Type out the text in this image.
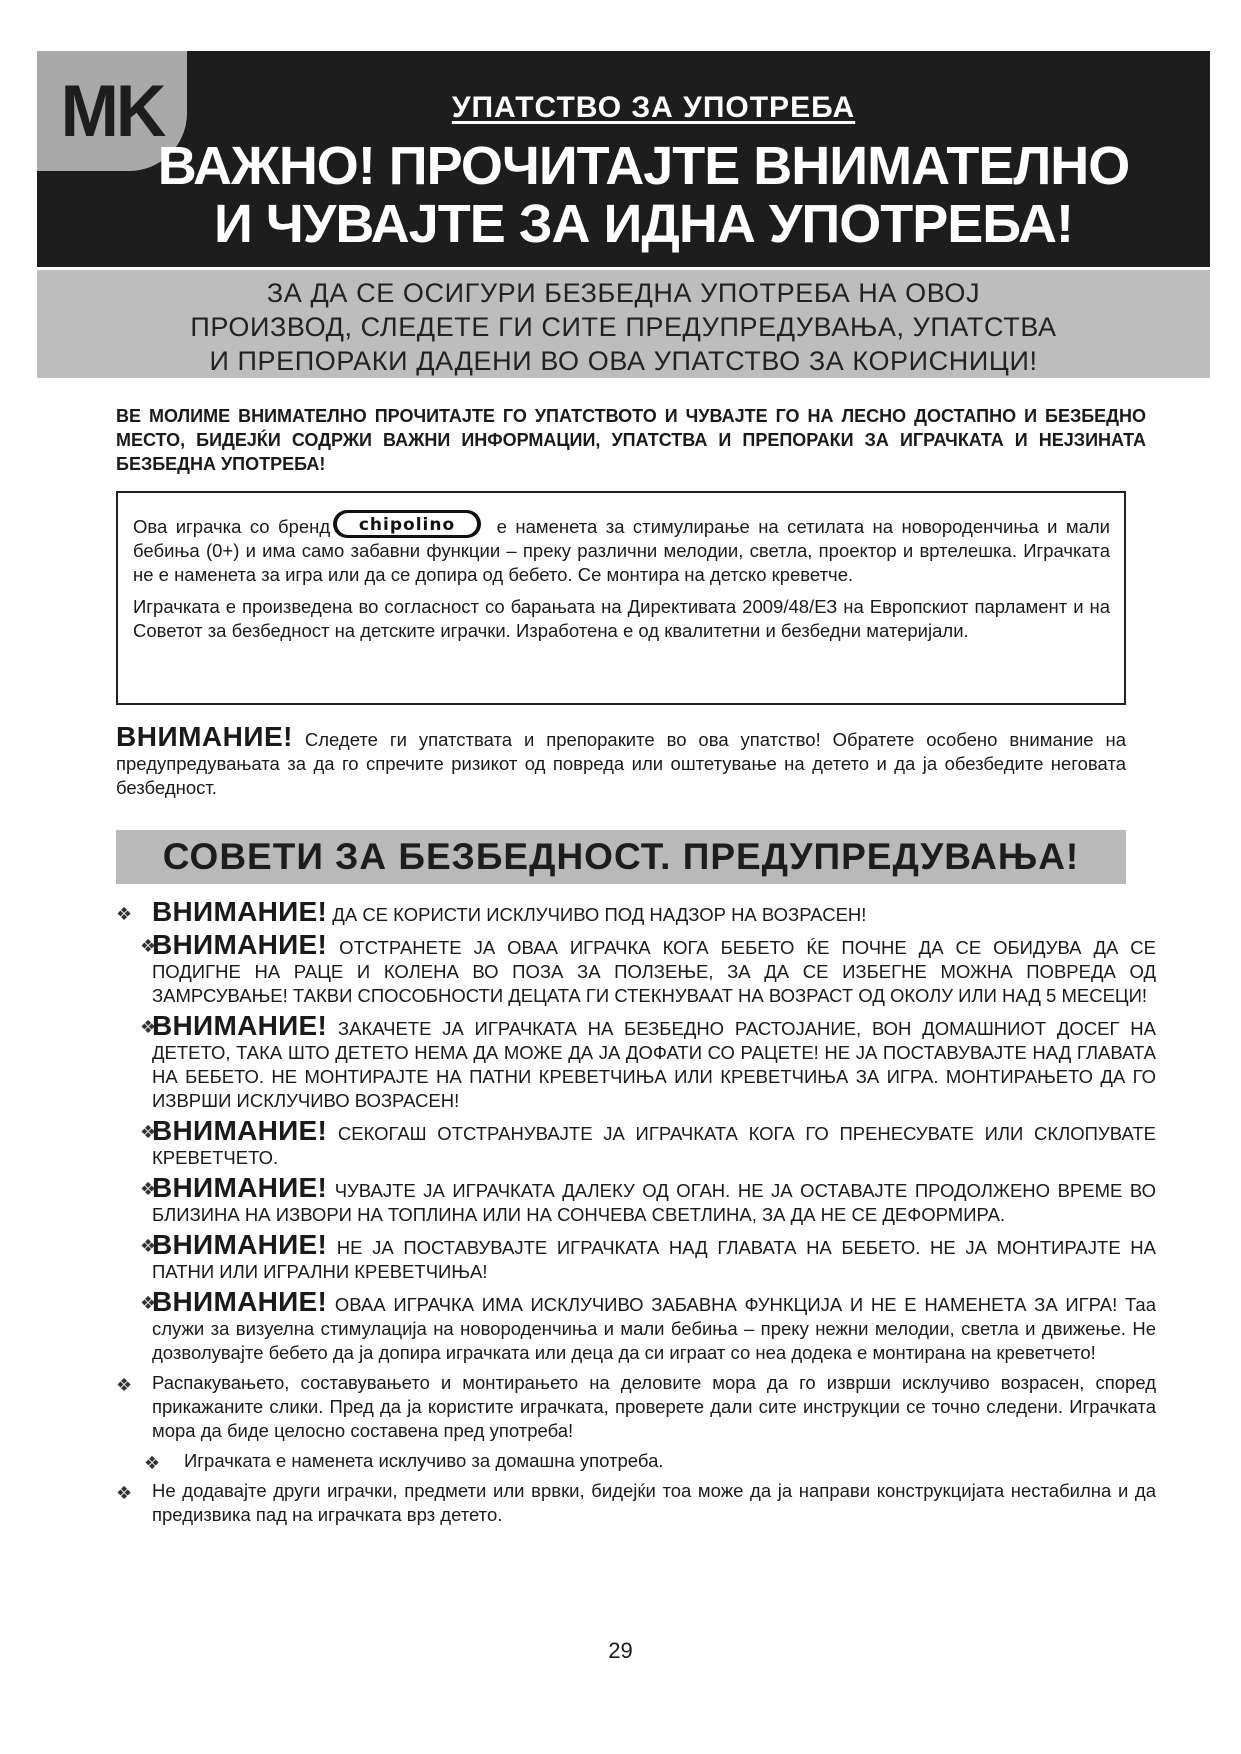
MK	УПАТСТВО ЗА УПОТРЕБА
ВАЖНО! ПРОЧИТАЈТЕ ВНИМАТЕЛНО
И ЧУВАЈТЕ ЗА ИДНА УПОТРЕБА!
ЗА ДА СЕ ОСИГУРИ БЕЗБЕДНА УПОТРЕБА НА ОВОЈ
ПРОИЗВОД, СЛЕДЕТЕ ГИ СИТЕ ПРЕДУПРЕДУВАЊА, УПАТСТВА
И ПРЕПОРАКИ ДАДЕНИ ВО ОВА УПАТСТВО ЗА КОРИСНИЦИ!
ВЕ МОЛИМЕ ВНИМАТЕЛНО ПРОЧИТАЈТЕ ГО УПАТСТВОТО И ЧУВАЈТЕ ГО НА ЛЕСНО ДОСТАПНО И БЕЗБЕДНО МЕСТО, БИДЕЈЌИ СОДРЖИ ВАЖНИ ИНФОРМАЦИИ, УПАТСТВА И ПРЕПОРАКИ ЗА ИГРАЧКАТА И НЕЈЗИНАТА БЕЗБЕДНА УПОТРЕБА!

Ова играчка со бренд chipolino е наменета за стимулирање на сетилата на новороденчиња и мали бебиња (0+) и има само забавни функции – преку различни мелодии, светла, проектор и вртелешка. Играчката не е наменета за игра или да се допира од бебето. Се монтира на детско креветче.

Играчката е произведена во согласност со барањата на Директивата 2009/48/ЕЗ на Европскиот парламент и на Советот за безбедност на детските играчки. Изработена е од квалитетни и безбедни материјали.

ВНИМАНИЕ! Следете ги упатствата и препораките во ова упатство! Обратете особено внимание на предупредувањата за да го спречите ризикот од повреда или оштетување на детето и да ја обезбедите неговата безбедност.
СОВЕТИ ЗА БЕЗБЕДНОСТ. ПРЕДУПРЕДУВАЊА!
❖ ВНИМАНИЕ! ДА СЕ КОРИСТИ ИСКЛУЧИВО ПОД НАДЗОР НА ВОЗРАСЕН!
❖
ВНИМАНИЕ! ОТСТРАНЕТЕ ЈА ОВАА ИГРАЧКА КОГА БЕБЕТО ЌЕ ПОЧНЕ ДА СЕ ОБИДУВА ДА СЕ ПОДИГНЕ НА РАЦЕ И КОЛЕНА ВО ПОЗА ЗА ПОЛЗЕЊЕ, ЗА ДА СЕ ИЗБЕГНЕ МОЖНА ПОВРЕДА ОД ЗАМРСУВАЊЕ! ТАКВИ СПОСОБНОСТИ ДЕЦАТА ГИ СТЕКНУВААТ НА ВОЗРАСТ ОД ОКОЛУ ИЛИ НАД 5 МЕСЕЦИ!
❖
ВНИМАНИЕ! ЗАКАЧЕТЕ ЈА ИГРАЧКАТА НА БЕЗБЕДНО РАСТОЈАНИЕ, ВОН ДОМАШНИОТ ДОСЕГ НА ДЕТЕТО, ТАКА ШТО ДЕТЕТО НЕМА ДА МОЖЕ ДА ЈА ДОФАТИ СО РАЦЕТЕ! НЕ ЈА ПОСТАВУВАЈТЕ НАД ГЛАВАТА НА БЕБЕТО. НЕ МОНТИРАЈТЕ НА ПАТНИ КРЕВЕТЧИЊА ИЛИ КРЕВЕТЧИЊА ЗА ИГРА. МОНТИРАЊЕТО ДА ГО ИЗВРШИ ИСКЛУЧИВО ВОЗРАСЕН!
❖
ВНИМАНИЕ! СЕКОГАШ ОТСТРАНУВАЈТЕ ЈА ИГРАЧКАТА КОГА ГО ПРЕНЕСУВАТЕ ИЛИ СКЛОПУВАТЕ КРЕВЕТЧЕТО.
❖
ВНИМАНИЕ! ЧУВАЈТЕ ЈА ИГРАЧКАТА ДАЛЕКУ ОД ОГАН. НЕ ЈА ОСТАВАЈТЕ ПРОДОЛЖЕНО ВРЕМЕ ВО БЛИЗИНА НА ИЗВОРИ НА ТОПЛИНА ИЛИ НА СОНЧЕВА СВЕТЛИНА, ЗА ДА НЕ СЕ ДЕФОРМИРА.
❖
ВНИМАНИЕ! НЕ ЈА ПОСТАВУВАЈТЕ ИГРАЧКАТА НАД ГЛАВАТА НА БЕБЕТО. НЕ ЈА МОНТИРАЈТЕ НА ПАТНИ ИЛИ ИГРАЛНИ КРЕВЕТЧИЊА!
❖
ВНИМАНИЕ! ОВАА ИГРАЧКА ИМА ИСКЛУЧИВО ЗАБАВНА ФУНКЦИЈА И НЕ Е НАМЕНЕТА ЗА ИГРА! Таа служи за визуелна стимулација на новороденчиња и мали бебиња – преку нежни мелодии, светла и движење. Не дозволувајте бебето да ја допира играчката или деца да си играат со неа додека е монтирана на креветчето!
❖ Распакувањето, составувањето и монтирањето на деловите мора да го изврши исклучиво возрасен, според прикажаните слики. Пред да ја користите играчката, проверете дали сите инструкции се точно следени. Играчката мора да биде целосно составена пред употреба!
❖ Играчката е наменета исклучиво за домашна употреба.
❖ Не додавајте други играчки, предмети или врвки, бидејќи тоа може да ја направи конструкцијата нестабилна и да предизвика пад на играчката врз детето.
29
